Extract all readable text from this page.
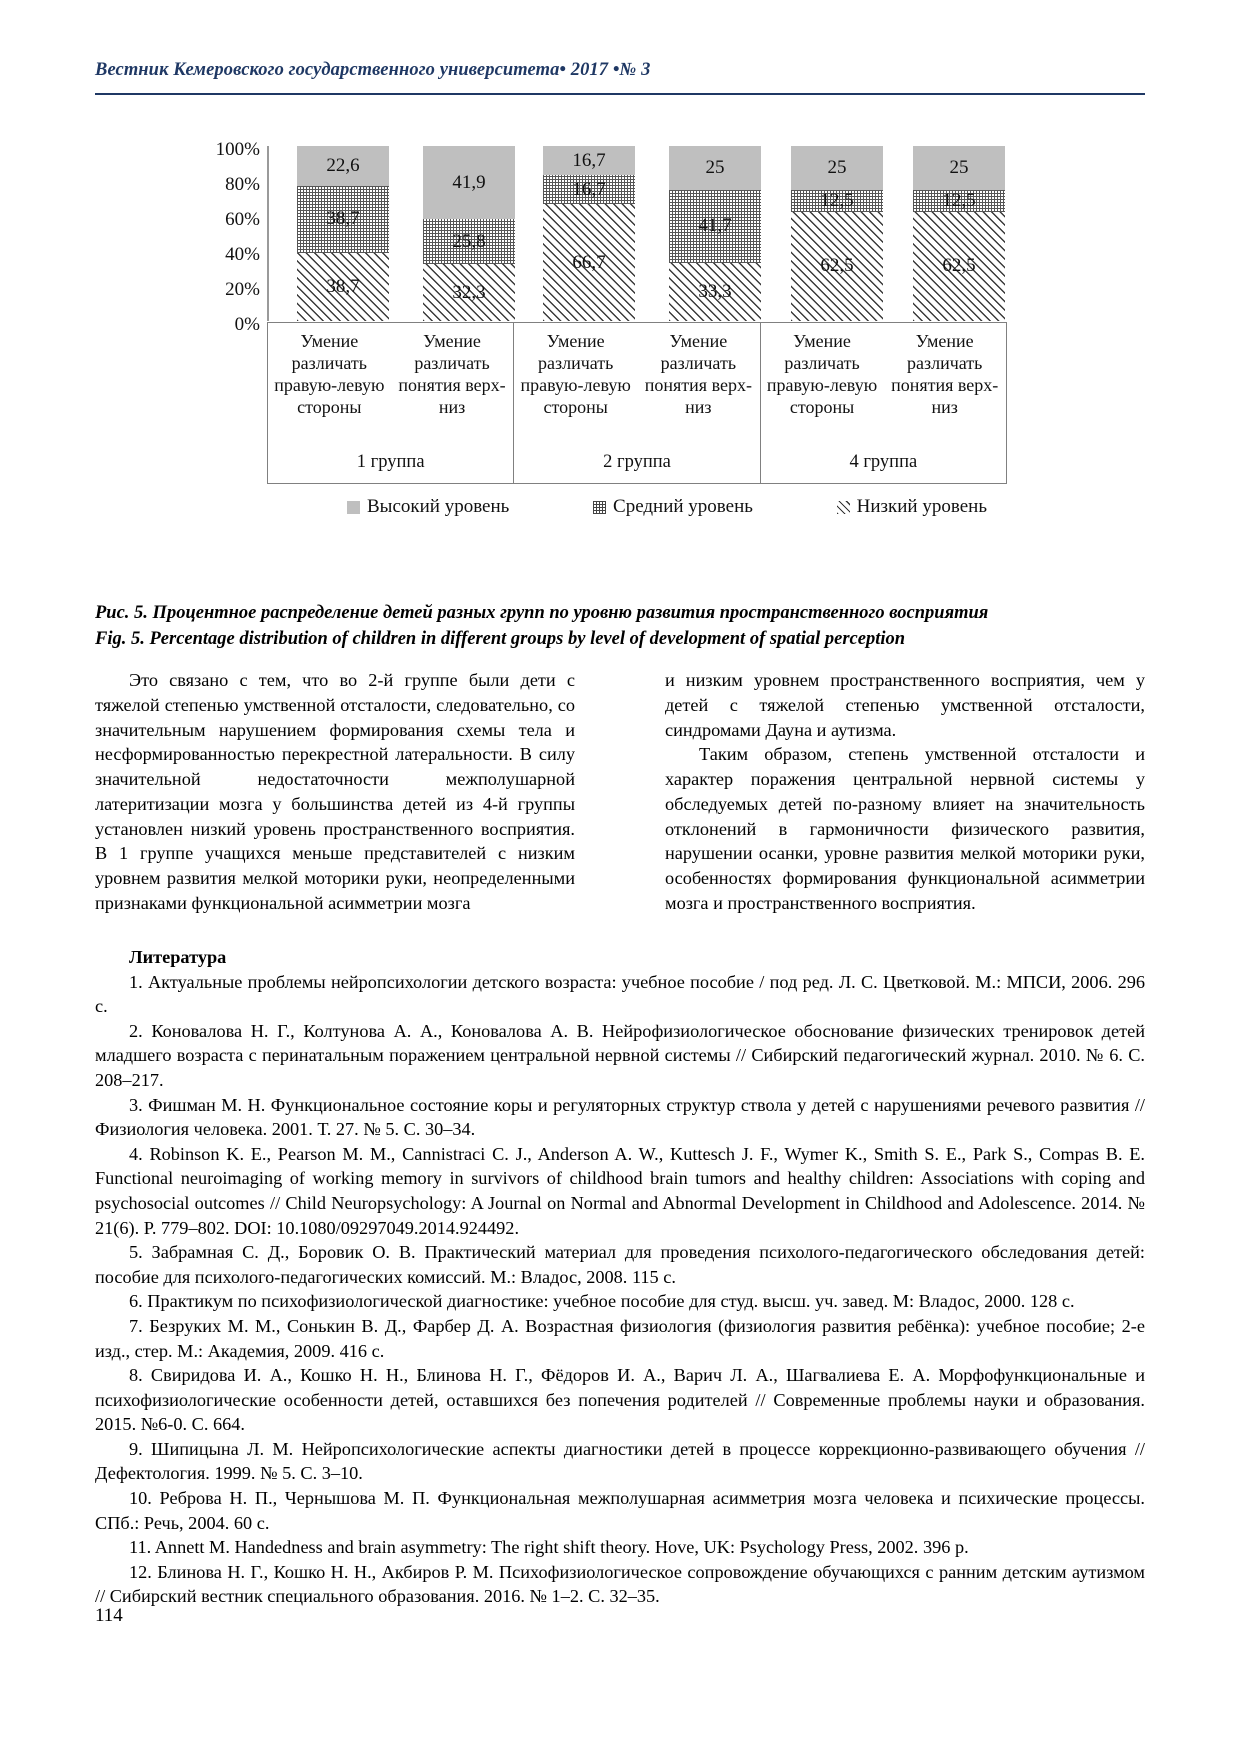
Вестник Кемеровского государственного университета• 2017 •№ 3
100%
80%
60%
40%
20%
0%
22,6
38,7
38,7
41,9
25,8
32,3
16,7
16,7
66,7
25
41,7
33,3
25
12,5
62,5
25
12,5
62,5
Умение различать правую-левую стороны
Умение различать понятия верх-низ
Умение различать правую-левую стороны
Умение различать понятия верх-низ
Умение различать правую-левую стороны
Умение различать понятия верх-низ
1 группа	2 группа	4 группа
Высокий уровень	Средний уровень	Низкий уровень
Рис. 5. Процентное распределение детей разных групп по уровню развития пространственного восприятия
Fig. 5. Percentage distribution of children in different groups by level of development of spatial perception

Это связано с тем, что во 2-й группе были дети с тяжелой степенью умственной отсталости, следовательно, со значительным нарушением формирования схемы тела и несформированностью перекрестной латеральности. В силу значительной недостаточности межполушарной латеритизации мозга у большинства детей из 4-й группы установлен низкий уровень пространственного восприятия. В 1 группе учащихся меньше представителей с низким уровнем развития мелкой моторики руки, неопределенными признаками функциональной асимметрии мозга

и низким уровнем пространственного восприятия, чем у детей с тяжелой степенью умственной отсталости, синдромами Дауна и аутизма.

Таким образом, степень умственной отсталости и характер поражения центральной нервной системы у обследуемых детей по-разному влияет на значительность отклонений в гармоничности физического развития, нарушении осанки, уровне развития мелкой моторики руки, особенностях формирования функциональной асимметрии мозга и пространственного восприятия.

Литература

1. Актуальные проблемы нейропсихологии детского возраста: учебное пособие / под ред. Л. С. Цветковой. М.: МПСИ, 2006. 296 с.

2. Коновалова Н. Г., Колтунова А. А., Коновалова А. В. Нейрофизиологическое обоснование физических тренировок детей младшего возраста с перинатальным поражением центральной нервной системы // Сибирский педагогический журнал. 2010. № 6. С. 208–217.

3. Фишман М. Н. Функциональное состояние коры и регуляторных структур ствола у детей с нарушениями речевого развития // Физиология человека. 2001. Т. 27. № 5. С. 30–34.

4. Robinson K. E., Pearson M. M., Cannistraci C. J., Anderson A. W., Kuttesch J. F., Wymer K., Smith S. E., Park S., Compas B. E. Functional neuroimaging of working memory in survivors of childhood brain tumors and healthy children: Associations with coping and psychosocial outcomes // Child Neuropsychology: A Journal on Normal and Abnormal Development in Childhood and Adolescence. 2014. № 21(6). P. 779–802. DOI: 10.1080/09297049.2014.924492.

5. Забрамная С. Д., Боровик О. В. Практический материал для проведения психолого-педагогического обследования детей: пособие для психолого-педагогических комиссий. М.: Владос, 2008. 115 с.

6. Практикум по психофизиологической диагностике: учебное пособие для студ. высш. уч. завед. М: Владос, 2000. 128 с.

7. Безруких М. М., Сонькин В. Д., Фарбер Д. А. Возрастная физиология (физиология развития ребёнка): учебное пособие; 2-е изд., стер. М.: Академия, 2009. 416 с.

8. Свиридова И. А., Кошко Н. Н., Блинова Н. Г., Фёдоров И. А., Варич Л. А., Шагвалиева Е. А. Морфофункциональные и психофизиологические особенности детей, оставшихся без попечения родителей // Современные проблемы науки и образования. 2015. №6-0. С. 664.

9. Шипицына Л. М. Нейропсихологические аспекты диагностики детей в процессе коррекционно-развивающего обучения // Дефектология. 1999. № 5. С. 3–10.

10. Реброва Н. П., Чернышова М. П. Функциональная межполушарная асимметрия мозга человека и психические процессы. СПб.: Речь, 2004. 60 с.

11. Annett M. Handedness and brain asymmetry: The right shift theory. Hove, UK: Psychology Press, 2002. 396 p.

12. Блинова Н. Г., Кошко Н. Н., Акбиров Р. М. Психофизиологическое сопровождение обучающихся с ранним детским аутизмом // Сибирский вестник специального образования. 2016. № 1–2. С. 32–35.

114
